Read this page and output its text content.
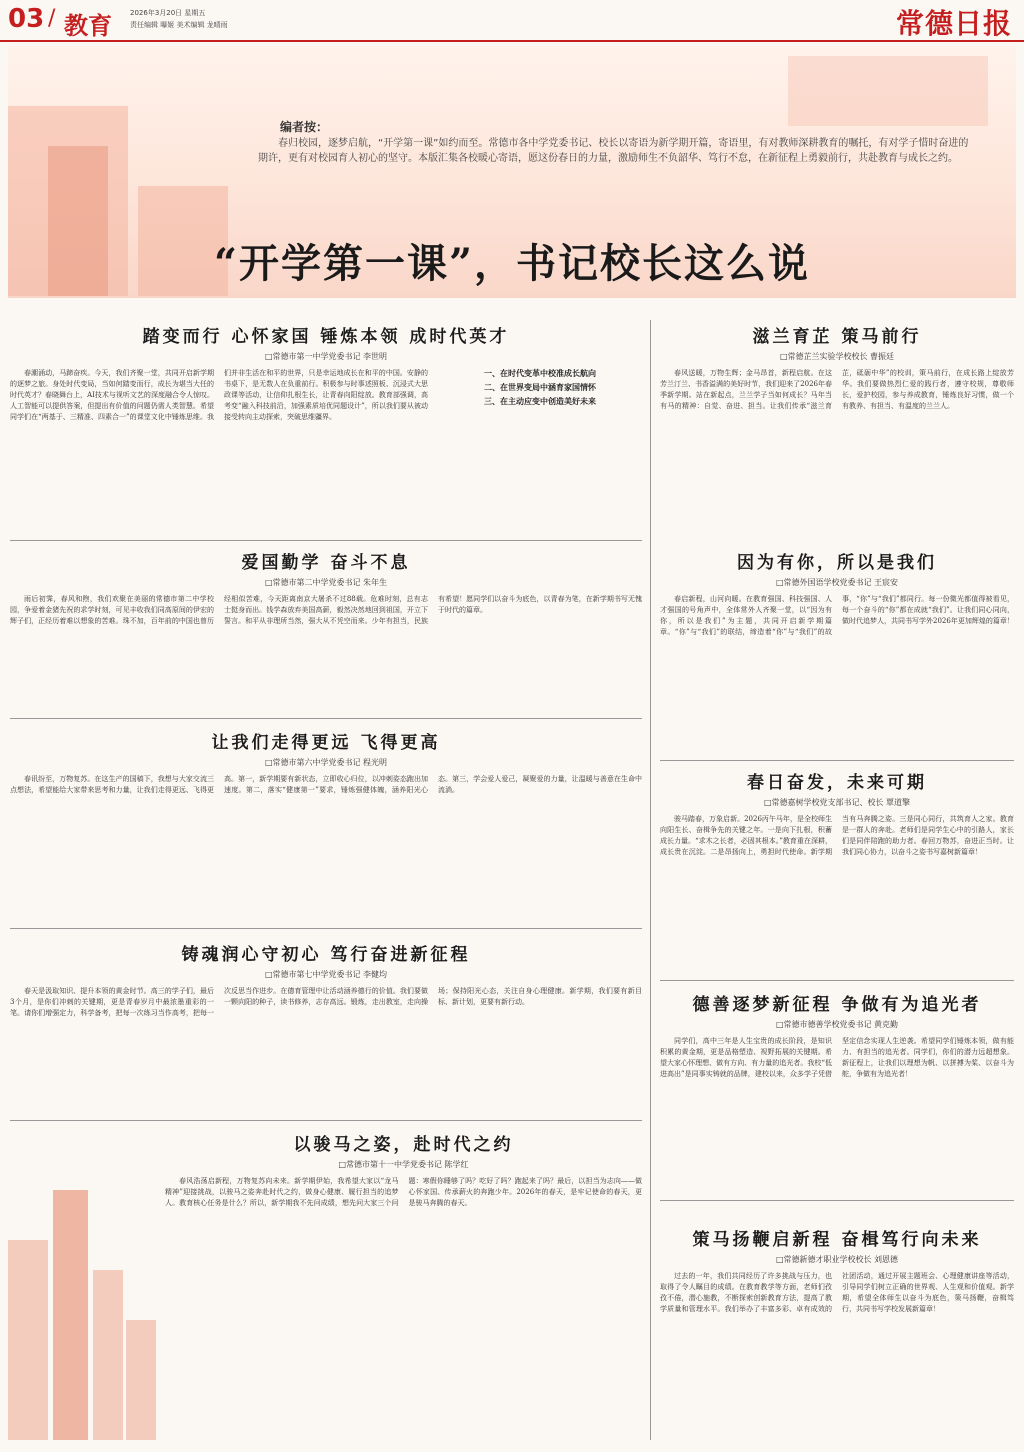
03 / 教育	2026年3月20日 星期五
责任编辑 曝姬 美术编辑 龙晴雨	常德日报
编者按：
春归校园，逐梦启航，“开学第一课”如约而至。常德市各中学党委书记、校长以寄语为新学期开篇，寄语里，有对教师深耕教育的嘱托，有对学子惜时奋进的期许，更有对校园育人初心的坚守。本版汇集各校暖心寄语，愿这份春日的力量，激励师生不负韶华、笃行不怠，在新征程上勇毅前行，共赴教育与成长之约。
“开学第一课”，书记校长这么说
踏变而行 心怀家国 锤炼本领 成时代英才
□常德市第一中学党委书记 李世明
春潮涌动，马蹄奋疾。今天，我们齐聚一堂，共同开启新学期的逐梦之旅。身处时代变局，当如何踏变而行，成长为堪当大任的时代英才？春晓舞台上，AI技术与视听文艺的深度融合令人惊叹。人工智能可以提供答案，但提出有价值的问题仍需人类智慧。希望同学们在“两基于、三精准、四素合一”的课堂文化中锤炼思维。我们并非生活在和平的世界，只是幸运地成长在和平的中国。安静的书桌下，是无数人在负重前行。积极参与时事述照板、沉浸式大思政课等活动，让信仰扎根生长，让青春向阳绽放。教育部强调，高考变“融入科技前沿，加强素质培优同题设计”，所以我们要从被动接受转向主动探索，突破思维疆界。
一、在时代变革中校准成长航向
二、在世界变局中涵育家国情怀
三、在主动应变中创造美好未来
滋兰育芷 策马前行
□常德芷兰实验学校校长 曹振廷
春风送暖，万物生辉；金马昂首，新程启航。在这芳兰汀兰、书香溢满的美好时节，我们迎来了2026年春季新学期。站在新起点，兰兰学子当如何成长？马年当有马的精神：自觉、奋进、担当。让我们传承“滋兰育芷，砥砺中华”的校训，策马前行，在成长路上绽放芳华。我们要做热烈仁爱的践行者，遵守校规，尊敬师长，爱护校园，参与养成教育，锤炼良好习惯，做一个有教养、有担当、有温度的兰兰人。
爱国勤学 奋斗不息
□常德市第二中学党委书记 朱年生
雨后初霁，春风和煦，我们欢聚在美丽的常德市第二中学校园，争爱着金猪先祝的求学时刻，可见丰收我们同高原间的伊宏的辉子们，正经历着难以想象的苦难。珠不加，百年前的中国也曾历经相似苦难，今天距离南京大屠杀不过88载。危难时刻，总有志士挺身而出。钱学森放弃美国高薪，毅然决然地回到祖国，开立下誓言。和平从非理所当然，强大从不凭空而来。少年有担当，民族有希望！愿同学们以奋斗为底色，以青春为笔，在新学期书写无愧于时代的篇章。
因为有你，所以是我们
□常德外国语学校党委书记 王宸安
春启新程，山河向暖。在教育强国、科技强国、人才强国的号角声中，全体常外人齐聚一堂，以“因为有你，所以是我们”为主题，共同开启新学期篇章。“你”与“我们”的联结，缔造着“你”与“我们”的故事，“你”与“我们”都同行。每一份微光都值得被看见，每一个奋斗的“你”都在成就“我们”。让我们同心同向，做时代追梦人，共同书写学外2026年更加辉煌的篇章！
让我们走得更远 飞得更高
□常德市第六中学党委书记 程光明
春讯纷至，万物复苏。在这生产的国稿下，我想与大家交流三点想法，希望能给大家带来思考和力量，让我们走得更远、飞得更高。第一，新学期要有新状态，立即收心归位，以冲刺姿态跑出加速度。第二，落实“健康第一”要求，锤炼强健体魄，涵养阳光心态。第三，学会爱人爱己，凝聚爱的力量，让温暖与善意在生命中流淌。	春日奋发，未来可期
□常德嘉树学校党支部书记、校长 覃道擎
骏马踏春，万象启新。2026丙午马年，是全校师生向阳生长、奋楫争先的关键之年。一是向下扎根，积蓄成长力量。“求木之长者，必固其根本。”教育重在深耕，成长贵在沉淀。二是昂扬向上，勇担时代使命。新学期当有马奔腾之姿。三是同心同行，共筑育人之家。教育是一群人的奔赴。老师们是同学生心中的引路人，家长们是同伴陪跑的助力者。春回万物苏，奋进正当时。让我们同心协力，以奋斗之姿书写嘉树新篇章！
铸魂润心守初心 笃行奋进新征程
□常德市第七中学党委书记 李健均
春天是汲取知识、提升本领的黄金时节。高三的学子们，最后3个月，是你们冲刺的关键期，更是青春岁月中最浓墨重彩的一笔。请你们增强定力，科学备考，把每一次练习当作高考，把每一次反思当作进步。在德育管理中让活动涵养德行的价值。我们要做一颗向阳的种子，读书修养，志存高远。锻炼，走出教室，走向操场；保持阳光心态，关注自身心理健康。新学期，我们要有新目标、新计划，更要有新行动。	德善逐梦新征程 争做有为追光者
□常德市德善学校党委书记 黄克勤
同学们，高中三年是人生宝贵的成长阶段，是知识积累的黄金期，更是品格塑造、视野拓展的关键期。希望大家心怀理想、做有方向、有力量的追光者。我校“低进高出”是同事实铸就的品牌，建校以来，众多学子凭借坚定信念实现人生逆袭。希望同学们锤炼本领，做有能力、有担当的追光者。同学们，你们的潜力远超想象。新征程上，让我们以理想为帆、以拼搏为桨、以奋斗为舵，争做有为追光者！
以骏马之姿，赴时代之约
□常德市第十一中学党委书记 陈学红
春风浩荡启新程，万物复苏向未来。新学期伊始，我希望大家以“龙马精神”迎接挑战，以骏马之姿奔赴时代之约，做身心健康、履行担当的追梦人。教育核心任务是什么？所以，新学期我不先问成绩，想先问大家三个问题：寒假你睡够了吗？吃好了吗？跑起来了吗？最后，以担当为志向——做心怀家国、传承薪火的奔跑少年。2026年的春天，是牢记使命的春天，更是骏马奔腾的春天。
策马扬鞭启新程 奋楫笃行向未来
□常德新德才职业学校校长 刘恩德
过去的一年，我们共同经历了许多挑战与压力，也取得了令人瞩目的成绩。在教育教学等方面，老师们孜孜不倦，潜心施教，不断探索创新教育方法，提高了教学质量和管理水平。我们举办了丰富多彩、卓有成效的社团活动，通过开展主题班会、心理健康讲座等活动，引导同学们树立正确的世界观、人生观和价值观。新学期，希望全体师生以奋斗为底色，策马扬鞭，奋楫笃行，共同书写学校发展新篇章！
